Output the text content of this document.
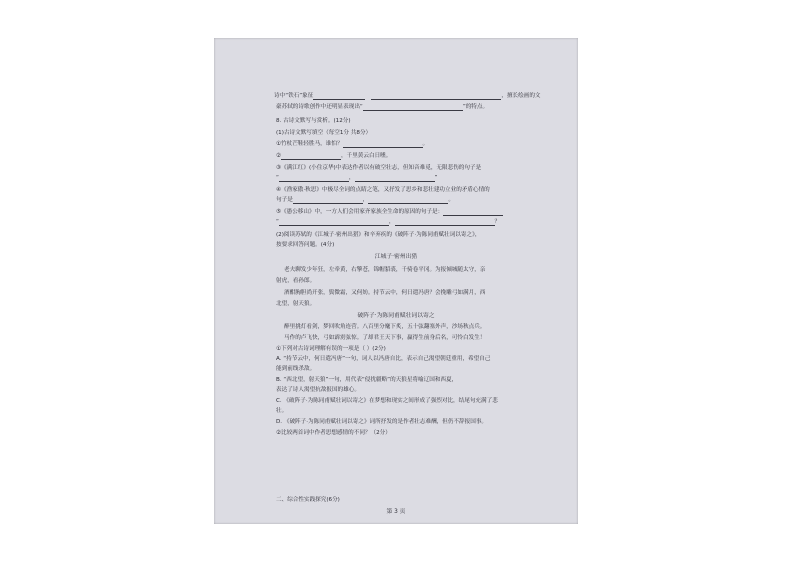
诗中“铁石”象征	，擅长绘画的文
豪苏轼的诗歌创作中还明显表现出“	”的特点。
8. 古诗文默写与赏析。(12分)
(1)古诗文默写填空（每空1分 共8分）
①竹杖芒鞋轻胜马，谁怕？	。
②	，千里黄云白日曛。
③《满江红》(小住京华)中表达作者以有破空壮志，但知音难觅，无限悲伤的句子是
“	，	”
④《渔家傲·秋思》中极尽全词的点睛之笔，又抒发了思乡和悲壮建功立业的矛盾心情的
句子是	，	。
⑤《愚公移山》中，一方人们会用家齐家族全生命的原因的句子是：
“	，	？
(2)阅读苏轼的《江城子·密州出猎》和辛弃疾的《破阵子·为陈同甫赋壮词以寄之》，
按要求回答问题。(4分)
江城子·密州出猎
老夫聊发少年狂，左牵黄，右擎苍，锦帽貂裘，千骑卷平冈。为报倾城随太守，亲
射虎，看孙郎。
酒酣胸胆尚开张，鬓微霜，又何妨。持节云中，何日遣冯唐？会挽雕弓如满月，西
北望，射天狼。
破阵子·为陈同甫赋壮词以寄之
醉里挑灯看剑，梦回吹角连营。八百里分麾下炙，五十弦翻塞外声，沙场秋点兵。
马作的卢飞快，弓如霹雳弦惊。了却君王天下事，赢得生前身后名，可怜白发生！
①下列对古诗词理解有误的一项是（ ）(2分)
A. “持节云中，何日遣冯唐”一句，词人以冯唐自比，表示自己渴望朝廷重用，希望自己
能到前线杀敌。
B. “西北望，射天狼”一句，用代表“侵扰疆略”的天狼星将喻辽国和西夏，
表达了诗人渴望抗敌报国的雄心。
C. 《破阵子·为陈同甫赋壮词以寄之》在梦想和现实之间形成了强烈对比，结尾句充满了悲
壮。
D. 《破阵子·为陈同甫赋壮词以寄之》词所抒发的是作者壮志难酬，但仍不辞报国事。
②比较两首词中作者思想感情的不同？（2分）
二、综合性实践探究(6分)
第 3 页
